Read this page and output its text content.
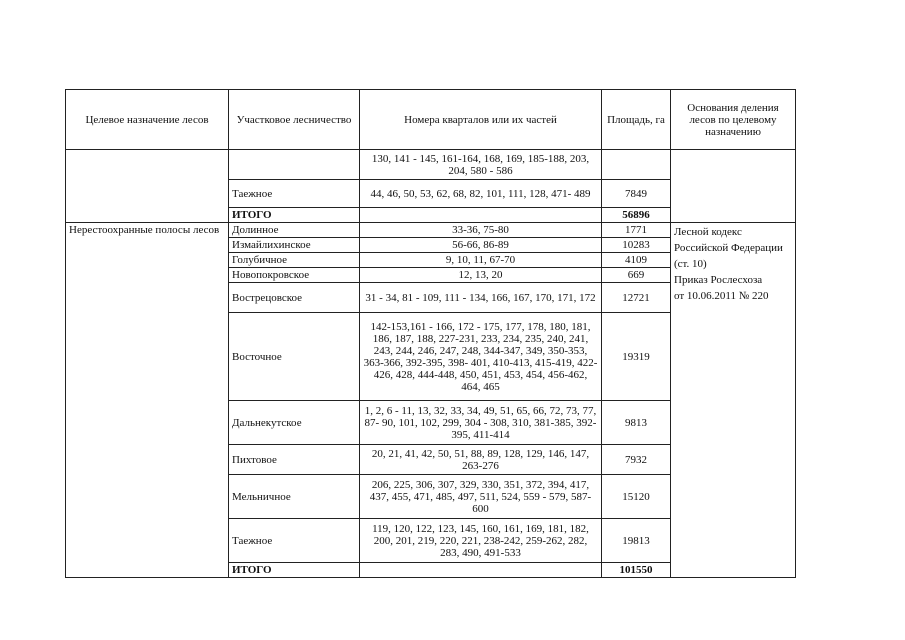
Целевое назначение лесов	Участковое лесничество	Номера кварталов или их частей	Площадь, га	Основания деления лесов по целевому назначению
		130, 141 - 145, 161-164, 168, 169, 185-188, 203, 204, 580 - 586		
	Таежное	44, 46, 50, 53, 62, 68, 82, 101, 111, 128, 471- 489	7849	
	ИТОГО		56896	
Нерестоохранные полосы лесов	Долинное	33-36, 75-80	1771	Лесной кодекс
Российской Федерации
(ст. 10)
Приказ Рослесхоза
от 10.06.2011 № 220

	Измайлихинское	56-66, 86-89	10283	
	Голубичное	9, 10, 11, 67-70	4109	
	Новопокровское	12, 13, 20	669	
	Вострецовское	31 - 34, 81 - 109, 111 - 134, 166, 167, 170, 171, 172	12721	
	Восточное	142-153,161 - 166, 172 - 175, 177, 178, 180, 181, 186, 187, 188, 227-231, 233, 234, 235, 240, 241, 243, 244, 246, 247, 248, 344-347, 349, 350-353, 363-366, 392-395, 398- 401, 410-413, 415-419, 422-426, 428, 444-448, 450, 451, 453, 454, 456-462, 464, 465	19319	
	Дальнекутское	1, 2, 6 - 11, 13, 32, 33, 34, 49, 51, 65, 66, 72, 73, 77, 87- 90, 101, 102, 299, 304 - 308, 310, 381-385, 392-395, 411-414	9813	
	Пихтовое	20, 21, 41, 42, 50, 51, 88, 89, 128, 129, 146, 147, 263-276	7932	
	Мельничное	206, 225, 306, 307, 329, 330, 351, 372, 394, 417, 437, 455, 471, 485, 497, 511, 524, 559 - 579, 587-600	15120	
	Таежное	119, 120, 122, 123, 145, 160, 161, 169, 181, 182, 200, 201, 219, 220, 221, 238-242, 259-262, 282, 283, 490, 491-533	19813	
	ИТОГО		101550	
